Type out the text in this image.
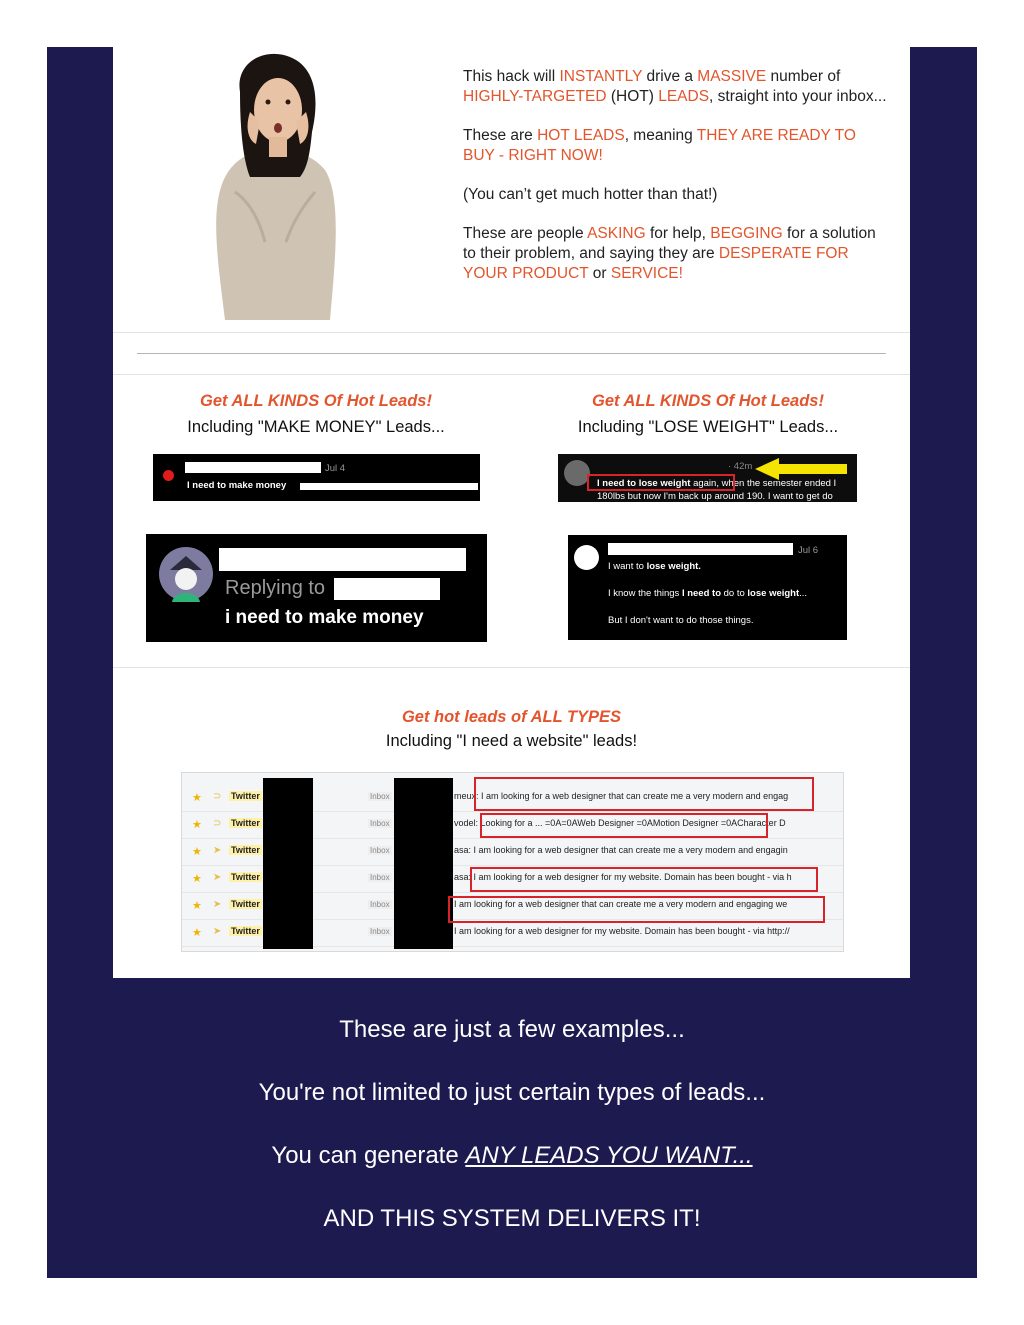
This hack will INSTANTLY drive a MASSIVE number of HIGHLY-TARGETED (HOT) LEADS, straight into your inbox...

These are HOT LEADS, meaning THEY ARE READY TO BUY - RIGHT NOW!

(You can’t get much hotter than that!)

These are people ASKING for help, BEGGING for a solution to their problem, and saying they are DESPERATE FOR YOUR PRODUCT or SERVICE!

Get ALL KINDS Of Hot Leads!
Including "MAKE MONEY" Leads...
Jul 4
I need to make money
Replying to
i need to make money
Get ALL KINDS Of Hot Leads!
Including "LOSE WEIGHT" Leads...
· 42m
I need to lose weight again, when the semester ended I
180lbs but now I'm back up around 190. I want to get do
Jul 6
I want to lose weight.
I know the things I need to do to lose weight...
But I don't want to do those things.
Get hot leads of ALL TYPES
Including "I need a website" leads!
★ ⊃ Twitter	Inbox	meux: I am looking for a web designer that can create me a very modern and engag
★ ⊃ Twitter	Inbox	vodel: Looking for a ... =0A=0AWeb Designer =0AMotion Designer =0ACharacter D
★ ➤ Twitter	Inbox	asa: I am looking for a web designer that can create me a very modern and engagin
★ ➤ Twitter	Inbox	asa: I am looking for a web designer for my website. Domain has been bought - via h
★ ➤ Twitter	Inbox	I am looking for a web designer that can create me a very modern and engaging we
★ ➤ Twitter	Inbox	I am looking for a web designer for my website. Domain has been bought - via http://
These are just a few examples...
You're not limited to just certain types of leads...
You can generate ANY LEADS YOU WANT...
AND THIS SYSTEM DELIVERS IT!
